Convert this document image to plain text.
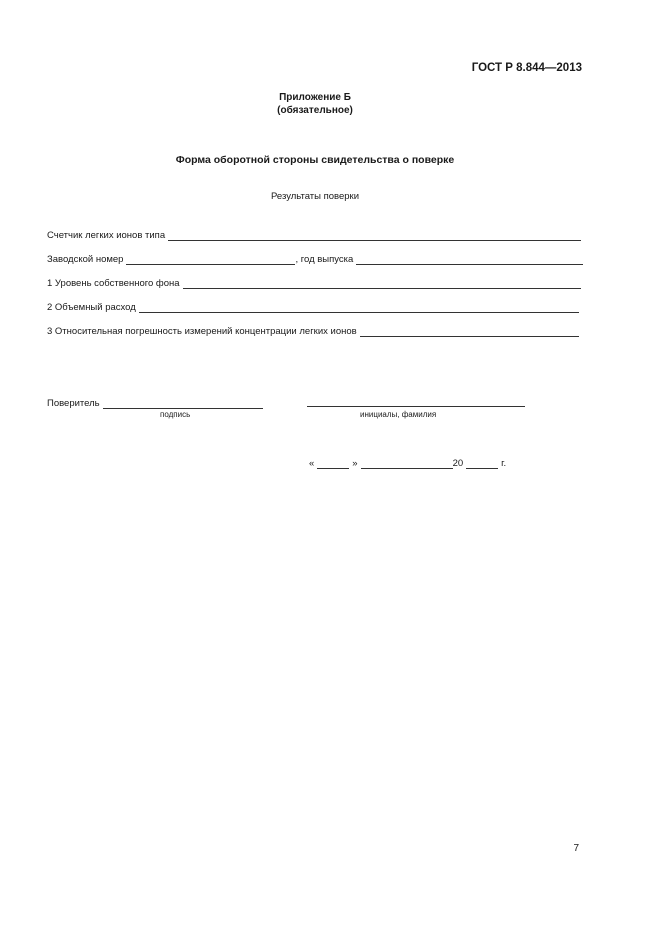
ГОСТ Р 8.844—2013
Приложение Б
(обязательное)
Форма оборотной стороны свидетельства о поверке
Результаты поверки
Счетчик легких ионов типа
Заводской номер	, год выпуска
1 Уровень собственного фона
2 Объемный расход
3 Относительная погрешность измерений концентрации легких ионов
Поверитель
подпись	инициалы, фамилия
«	»	20	г.
7
